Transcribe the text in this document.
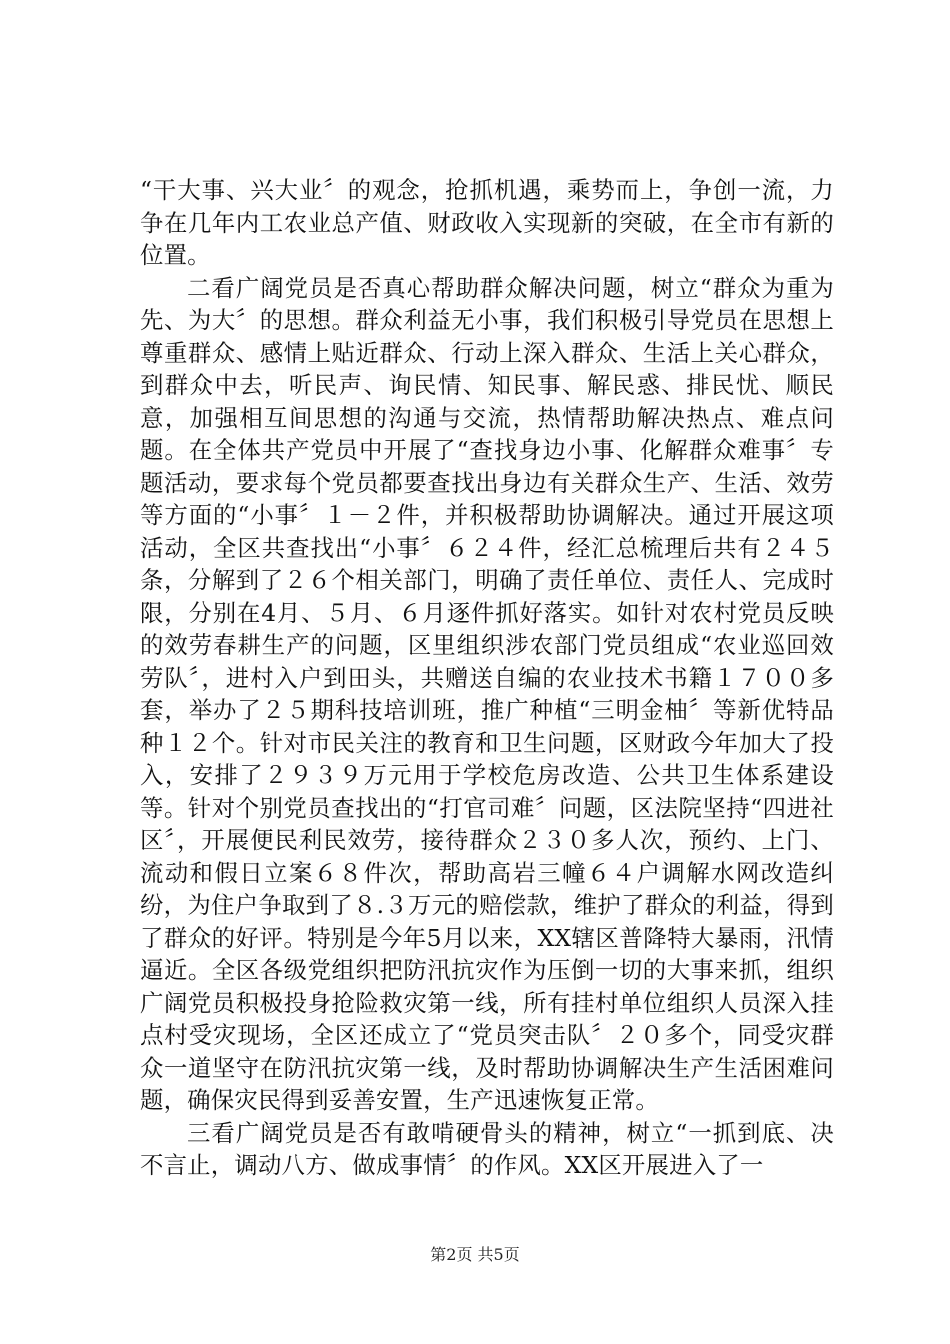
“干大事、兴大业〞的观念，抢抓机遇，乘势而上，争创一流，力争在几年内工农业总产值、财政收入实现新的突破，在全市有新的位置。

二看广阔党员是否真心帮助群众解决问题，树立“群众为重为先、为大〞的思想。群众利益无小事，我们积极引导党员在思想上尊重群众、感情上贴近群众、行动上深入群众、生活上关心群众，到群众中去，听民声、询民情、知民事、解民惑、排民忧、顺民意，加强相互间思想的沟通与交流，热情帮助解决热点、难点问题。在全体共产党员中开展了“查找身边小事、化解群众难事〞专题活动，要求每个党员都要查找出身边有关群众生产、生活、效劳等方面的“小事〞１－２件，并积极帮助协调解决。通过开展这项活动，全区共查找出“小事〞６２４件，经汇总梳理后共有２４５条，分解到了２６个相关部门，明确了责任单位、责任人、完成时限，分别在4月、５月、６月逐件抓好落实。如针对农村党员反映的效劳春耕生产的问题，区里组织涉农部门党员组成“农业巡回效劳队〞，进村入户到田头，共赠送自编的农业技术书籍１７００多套，举办了２５期科技培训班，推广种植“三明金柚〞等新优特品种１２个。针对市民关注的教育和卫生问题，区财政今年加大了投入，安排了２９３９万元用于学校危房改造、公共卫生体系建设等。针对个别党员查找出的“打官司难〞问题，区法院坚持“四进社区〞，开展便民利民效劳，接待群众２３０多人次，预约、上门、流动和假日立案６８件次，帮助高岩三幢６４户调解水网改造纠纷，为住户争取到了８.３万元的赔偿款，维护了群众的利益，得到了群众的好评。特别是今年5月以来，XX辖区普降特大暴雨，汛情逼近。全区各级党组织把防汛抗灾作为压倒一切的大事来抓，组织广阔党员积极投身抢险救灾第一线，所有挂村单位组织人员深入挂点村受灾现场，全区还成立了“党员突击队〞２０多个，同受灾群众一道坚守在防汛抗灾第一线，及时帮助协调解决生产生活困难问题，确保灾民得到妥善安置，生产迅速恢复正常。

三看广阔党员是否有敢啃硬骨头的精神，树立“一抓到底、决不言止，调动八方、做成事情〞的作风。XX区开展进入了一

第2页 共5页
